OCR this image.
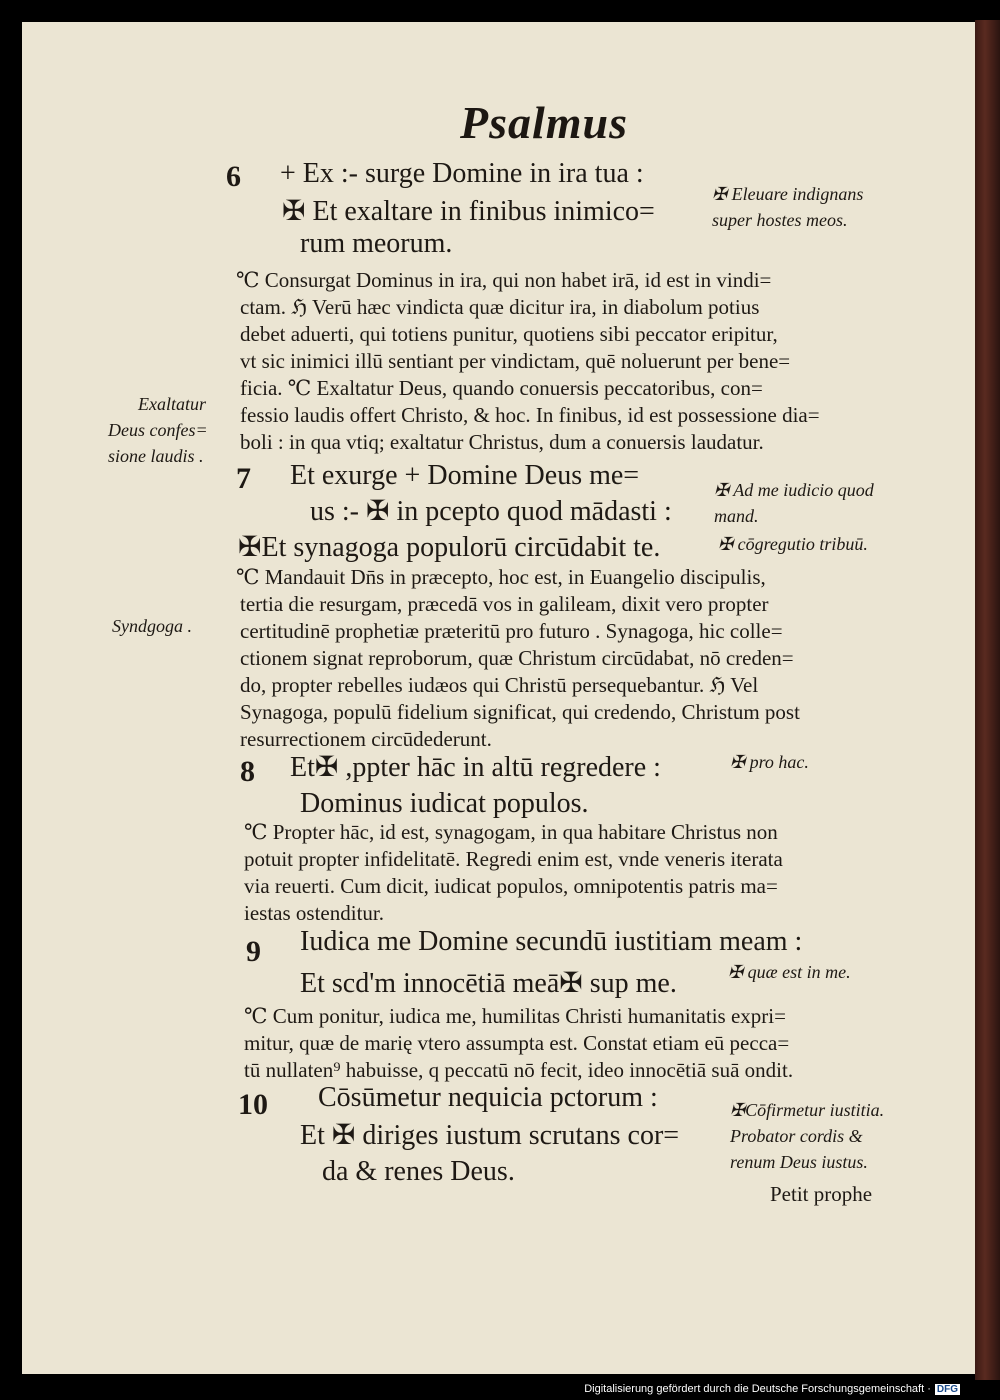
Psalmus
6
7
8
9
10
+ Ex :- surge Domine in ira tua :
✠ Et exaltare in finibus inimico=
rum meorum.
Et exurge + Domine Deus me=
us :- ✠ in pcepto quod mādasti :
✠Et synagoga populorū circūdabit te.
Et✠ ,ppter hāc in altū regredere :
Dominus iudicat populos.
Iudica me Domine secundū iustitiam meam :
Et scd'm innocētiā meā✠ sup me.
Cōsūmetur nequicia pctorum :
Et ✠ diriges iustum scrutans cor=
da & renes Deus.
℃ Consurgat Dominus in ira, qui non habet irā, id est in vindi=
ctam. ℌ Verū hæc vindicta quæ dicitur ira, in diabolum potius
debet aduerti, qui totiens punitur, quotiens sibi peccator eripitur,
vt sic inimici illū sentiant per vindictam, quē noluerunt per bene=
ficia. ℃ Exaltatur Deus, quando conuersis peccatoribus, con=
fessio laudis offert Christo, & hoc. In finibus, id est possessione dia=
boli : in qua vtiq; exaltatur Christus, dum a conuersis laudatur.
℃ Mandauit Dn̄s in præcepto, hoc est, in Euangelio discipulis,
tertia die resurgam, præcedā vos in galileam, dixit vero propter
certitudinē prophetiæ præteritū pro futuro . Synagoga, hic colle=
ctionem signat reproborum, quæ Christum circūdabat, nō creden=
do, propter rebelles iudæos qui Christū persequebantur. ℌ Vel
Synagoga, populū fidelium significat, qui credendo, Christum post
resurrectionem circūdederunt.
℃ Propter hāc, id est, synagogam, in qua habitare Christus non
potuit propter infidelitatē. Regredi enim est, vnde veneris iterata
via reuerti. Cum dicit, iudicat populos, omnipotentis patris ma=
iestas ostenditur.
℃ Cum ponitur, iudica me, humilitas Christi humanitatis expri=
mitur, quæ de marię vtero assumpta est. Constat etiam eū pecca=
tū nullaten⁹ habuisse, q peccatū nō fecit, ideo innocētiā suā ondit.
✠ Eleuare indignans
super hostes meos.
✠ Ad me iudicio quod
mand.
✠ cōgregutio tribuū.
✠ pro hac.
✠ quæ est in me.
✠Cōfirmetur iustitia.
Probator cordis &
renum Deus iustus.
Exaltatur
Deus confes=
sione laudis .
Syndgoga .
Petit prophe
Digitalisierung gefördert durch die Deutsche Forschungsgemeinschaft · DFG
